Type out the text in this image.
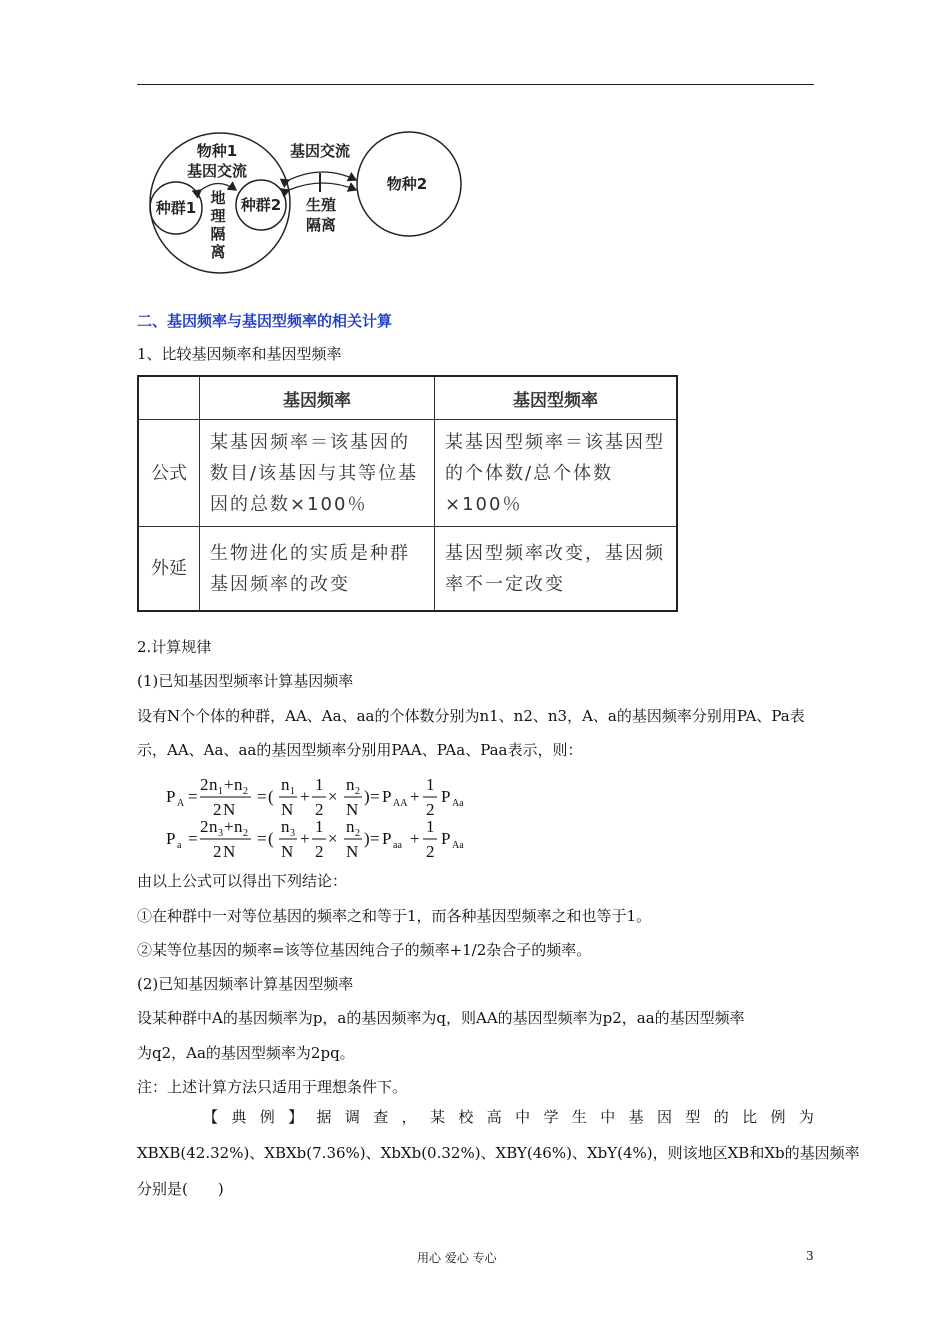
物种1
基因交流
种群1	种群2
地
理
隔
离
基因交流
生殖
隔离
物种2
二、基因频率与基因型频率的相关计算
1、比较基因频率和基因型频率
	基因频率	基因型频率
公式	某基因频率＝该基因的数目/该基因与其等位基因的总数×100％	某基因型频率＝该基因型的个体数/总个体数×100％
外延	生物进化的实质是种群基因频率的改变	基因型频率改变，基因频率不一定改变
2.计算规律
(1)已知基因型频率计算基因频率
设有N个个体的种群，AA、Aa、aa的个体数分别为n1、n2、n3，A、a的基因频率分别用PA、Pa表
示，AA、Aa、aa的基因型频率分别用PAA、PAa、Paa表示，则：
P A =
2 n 1 + n 2
2 N
= (
n 1
N
+
1
2
×
n 2
N
) = P AA +
1
2
P Aa
P a =
2 n 3 + n 2
2 N
= (
n 3
N
+
1
2
×
n 2
N
) = P aa +
1
2
P Aa
由以上公式可以得出下列结论：
①在种群中一对等位基因的频率之和等于1，而各种基因型频率之和也等于1。
②某等位基因的频率=该等位基因纯合子的频率+1/2杂合子的频率。
(2)已知基因频率计算基因型频率
设某种群中A的基因频率为p，a的基因频率为q，则AA的基因型频率为p2，aa的基因型频率
为q2，Aa的基因型频率为2pq。
注：上述计算方法只适用于理想条件下。
【 典 例 】 据 调 查 ， 某 校 高 中 学 生 中 基 因 型 的 比 例 为
XBXB(42.32%)、XBXb(7.36%)、XbXb(0.32%)、XBY(46%)、XbY(4%)，则该地区XB和Xb的基因频率
分别是(　　)
用心 爱心 专心	3
